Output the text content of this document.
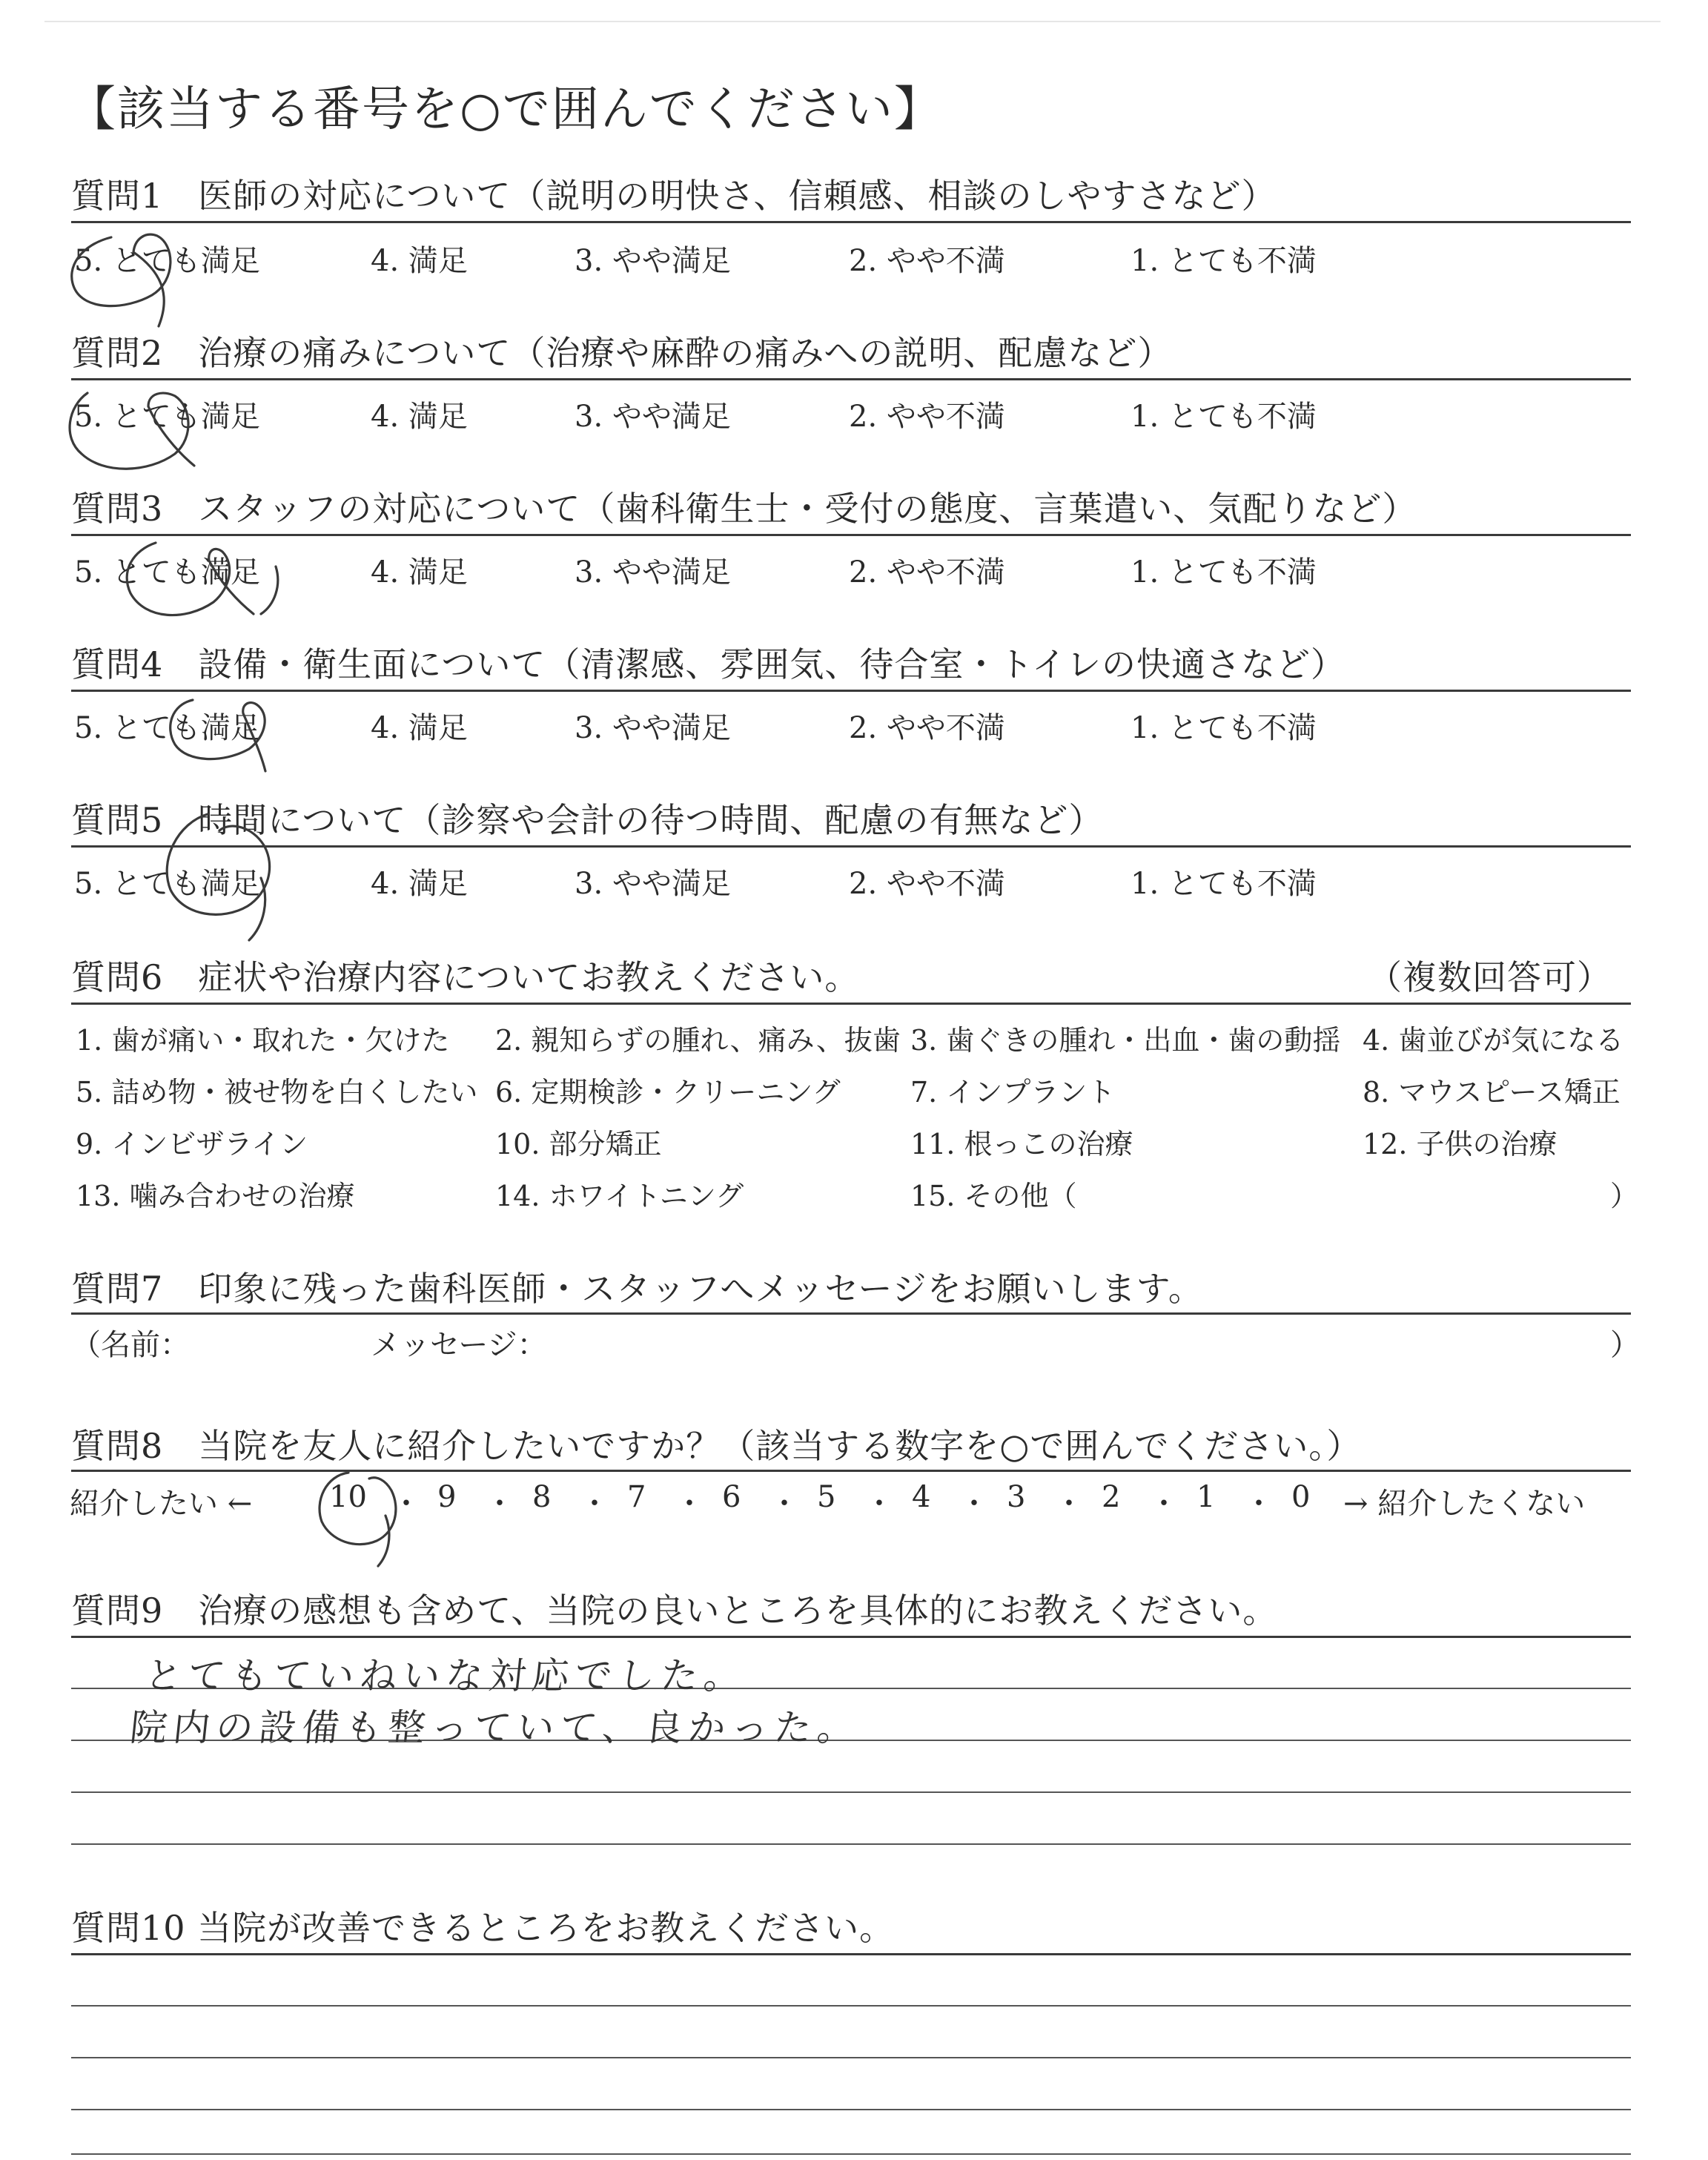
【該当する番号を○で囲んでください】
質問1　医師の対応について（説明の明快さ、信頼感、相談のしやすさなど）
5. とても満足	4. 満足	3. やや満足	2. やや不満	1. とても不満
質問2　治療の痛みについて（治療や麻酔の痛みへの説明、配慮など）
5. とても満足	4. 満足	3. やや満足	2. やや不満	1. とても不満
質問3　スタッフの対応について（歯科衛生士・受付の態度、言葉遣い、気配りなど）
5. とても満足	4. 満足	3. やや満足	2. やや不満	1. とても不満
質問4　設備・衛生面について（清潔感、雰囲気、待合室・トイレの快適さなど）
5. とても満足	4. 満足	3. やや満足	2. やや不満	1. とても不満
質問5　時間について（診察や会計の待つ時間、配慮の有無など）
5. とても満足	4. 満足	3. やや満足	2. やや不満	1. とても不満
質問6　症状や治療内容についてお教えください。	（複数回答可）
1. 歯が痛い・取れた・欠けた 2. 親知らずの腫れ、痛み、抜歯 3. 歯ぐきの腫れ・出血・歯の動揺 4. 歯並びが気になる
5. 詰め物・被せ物を白くしたい 6. 定期検診・クリーニング 7. インプラント	8. マウスピース矯正
9. インビザライン	10. 部分矯正	11. 根っこの治療	12. 子供の治療
13. 噛み合わせの治療	14. ホワイトニング	15. その他（	）
質問7　印象に残った歯科医師・スタッフへメッセージをお願いします。
（名前：	メッセージ：	）
質問8　当院を友人に紹介したいですか？（該当する数字を○で囲んでください。）
紹介したい ←	→ 紹介したくない
10 ・ 9 ・ 8 ・ 7 ・ 6 ・ 5 ・ 4 ・ 3 ・ 2 ・ 1 ・ 0
質問9　治療の感想も含めて、当院の良いところを具体的にお教えください。
とてもていねいな対応でした。
院内の設備も整っていて、良かった。
質問10 当院が改善できるところをお教えください。
